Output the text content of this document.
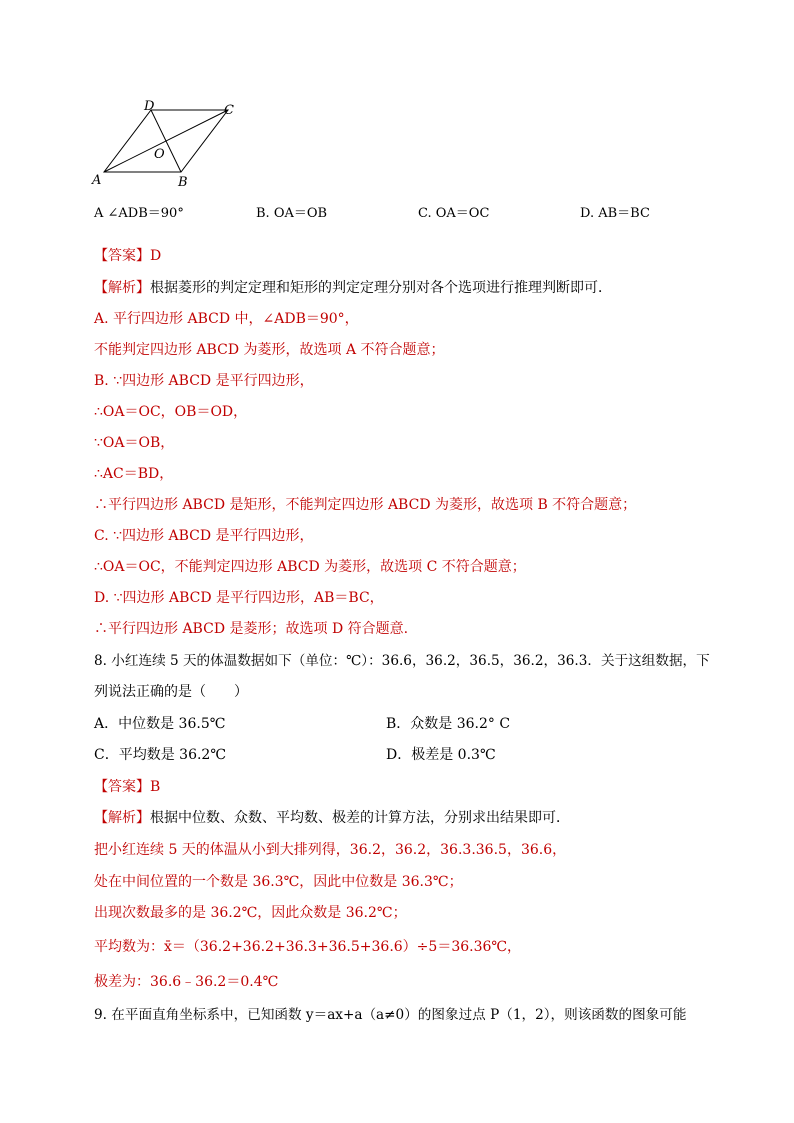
D	C
O
A	B
A ∠ADB＝90°	B. OA＝OB	C. OA＝OC	D. AB＝BC
【答案】D
【解析】根据菱形的判定定理和矩形的判定定理分别对各个选项进行推理判断即可．
A. 平行四边形 ABCD 中，∠ADB＝90°，
不能判定四边形 ABCD 为菱形，故选项 A 不符合题意；
B. ∵四边形 ABCD 是平行四边形，
∴OA＝OC，OB＝OD，
∵OA＝OB，
∴AC＝BD，
∴平行四边形 ABCD 是矩形，不能判定四边形 ABCD 为菱形，故选项 B 不符合题意；
C. ∵四边形 ABCD 是平行四边形，
∴OA＝OC，不能判定四边形 ABCD 为菱形，故选项 C 不符合题意；
D. ∵四边形 ABCD 是平行四边形，AB＝BC，
∴平行四边形 ABCD 是菱形；故选项 D 符合题意.
8. 小红连续 5 天的体温数据如下（单位：℃）：36.6，36.2，36.5，36.2，36.3．关于这组数据，下
列说法正确的是（　　）
A．中位数是 36.5℃	B．众数是 36.2° C
C．平均数是 36.2℃	D．极差是 0.3℃
【答案】B
【解析】根据中位数、众数、平均数、极差的计算方法，分别求出结果即可．
把小红连续 5 天的体温从小到大排列得，36.2，36.2，36.3.36.5，36.6，
处在中间位置的一个数是 36.3℃，因此中位数是 36.3℃；
出现次数最多的是 36.2℃，因此众数是 36.2℃；
平均数为：x̄＝（36.2+36.2+36.3+36.5+36.6）÷5＝36.36℃，
极差为：36.6﹣36.2＝0.4℃
9. 在平面直角坐标系中，已知函数 y＝ax+a（a≠0）的图象过点 P（1，2），则该函数的图象可能
